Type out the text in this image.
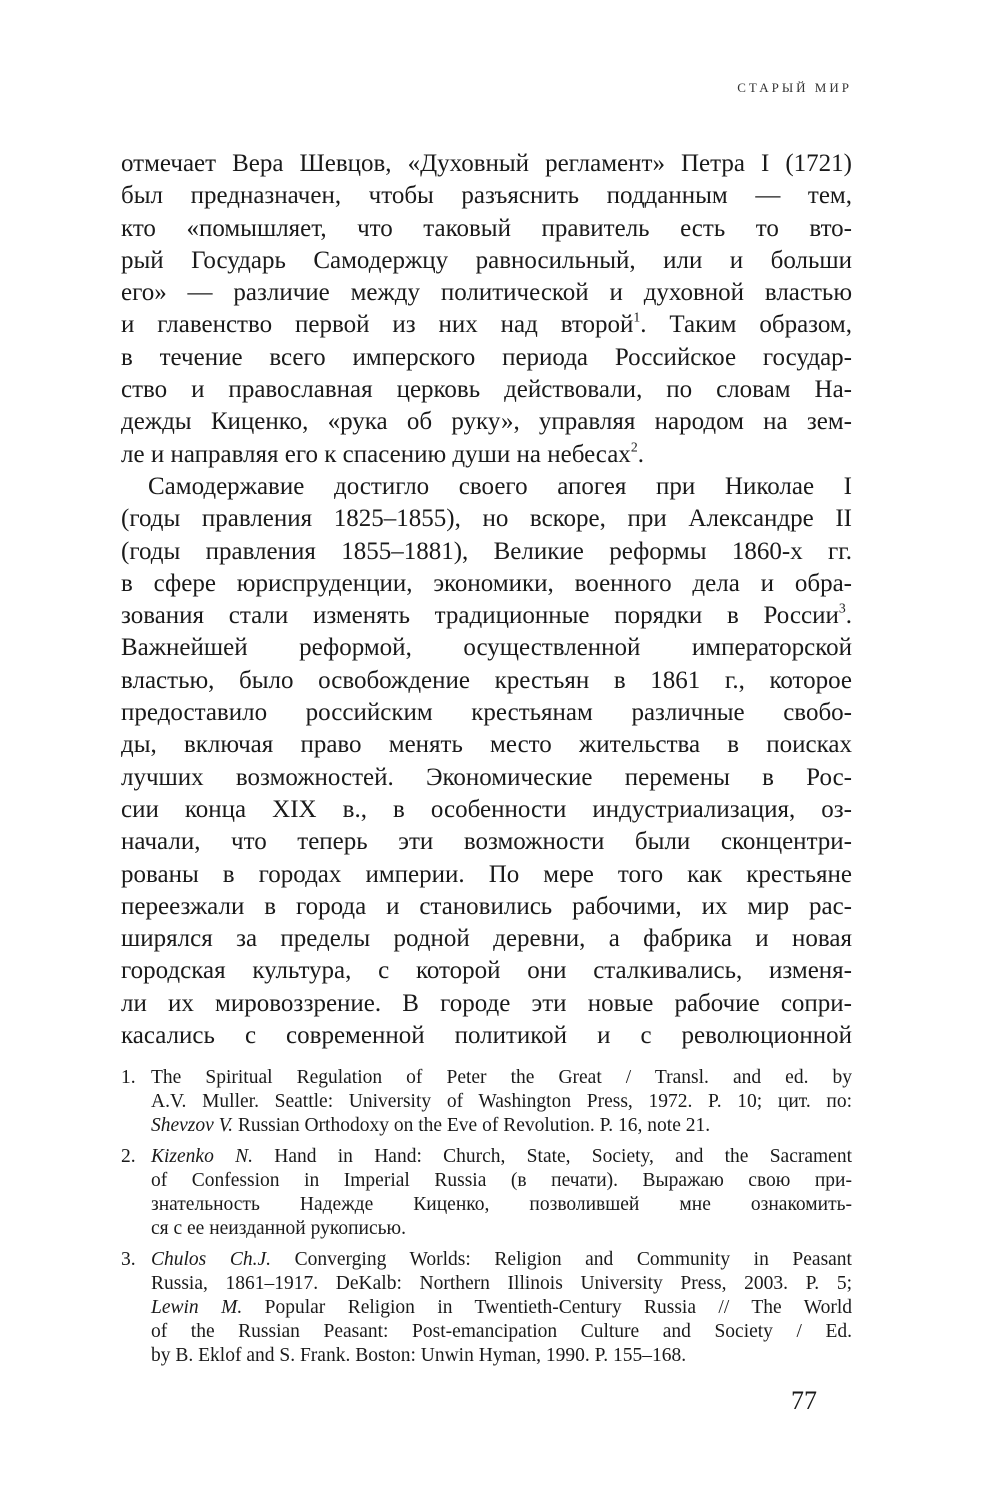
СТАРЫЙ МИР
отмечает Вера Шевцов, «Духовный регламент» Петра I (1721)
был предназначен, чтобы разъяснить подданным — тем,
кто «помышляет, что таковый правитель есть то вто-
рый Государь Самодержцу равносильный, или и больши
его» — различие между политической и духовной властью
и главенство первой из них над второй$^1$. Таким образом,
в течение всего имперского периода Российское государ-
ство и православная церковь действовали, по словам На-
дежды Киценко, «рука об руку», управляя народом на зем-
ле и направляя его к спасению души на небесах$^2$.
Самодержавие достигло своего апогея при Николае I
(годы правления 1825–1855), но вскоре, при Александре II
(годы правления 1855–1881), Великие реформы 1860-х гг.
в сфере юриспруденции, экономики, военного дела и обра-
зования стали изменять традиционные порядки в России$^3$.
Важнейшей реформой, осуществленной императорской
властью, было освобождение крестьян в 1861 г., которое
предоставило российским крестьянам различные свобо-
ды, включая право менять место жительства в поисках
лучших возможностей. Экономические перемены в Рос-
сии конца XIX в., в особенности индустриализация, оз-
начали, что теперь эти возможности были сконцентри-
рованы в городах империи. По мере того как крестьяне
переезжали в города и становились рабочими, их мир рас-
ширялся за пределы родной деревни, а фабрика и новая
городская культура, с которой они сталкивались, изменя-
ли их мировоззрение. В городе эти новые рабочие сопри-
касались с современной политикой и с революционной
1. The Spiritual Regulation of Peter the Great / Transl. and ed. by
A.V. Muller. Seattle: University of Washington Press, 1972. P. 10; цит. по:
Shevzov V. Russian Orthodoxy on the Eve of Revolution. P. 16, note 21.
2. Kizenko N. Hand in Hand: Church, State, Society, and the Sacrament
of Confession in Imperial Russia (в печати). Выражаю свою при-
знательность Надежде Киценко, позволившей мне ознакомить-
ся с ее неизданной рукописью.
3. Chulos Ch.J. Converging Worlds: Religion and Community in Peasant
Russia, 1861–1917. DeKalb: Northern Illinois University Press, 2003. P. 5;
Lewin M. Popular Religion in Twentieth-Century Russia // The World
of the Russian Peasant: Post-emancipation Culture and Society / Ed.
by B. Eklof and S. Frank. Boston: Unwin Hyman, 1990. P. 155–168.
77
